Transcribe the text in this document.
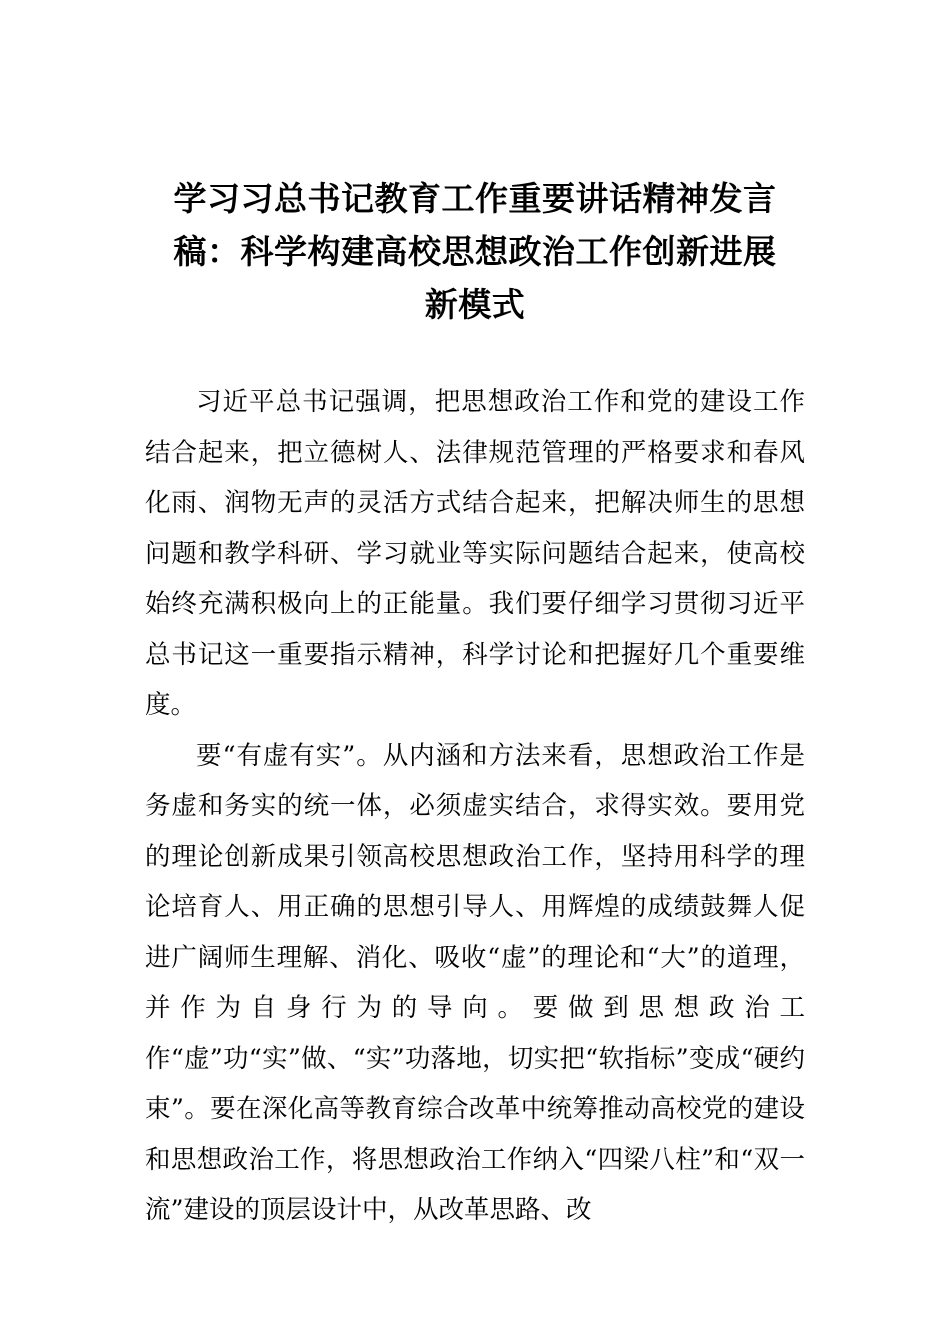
学习习总书记教育工作重要讲话精神发言
稿：科学构建高校思想政治工作创新进展
新模式

习近平总书记强调，把思想政治工作和党的建设工作结合起来，把立德树人、法律规范管理的严格要求和春风化雨、润物无声的灵活方式结合起来，把解决师生的思想问题和教学科研、学习就业等实际问题结合起来，使高校始终充满积极向上的正能量。我们要仔细学习贯彻习近平总书记这一重要指示精神，科学讨论和把握好几个重要维度。

要“有虚有实”。从内涵和方法来看，思想政治工作是务虚和务实的统一体，必须虚实结合，求得实效。要用党的理论创新成果引领高校思想政治工作，坚持用科学的理论培育人、用正确的思想引导人、用辉煌的成绩鼓舞人促进广阔师生理解、消化、吸收“虚”的理论和“大”的道理，并作为自身行为的导向。要做到思想政治工作“虚”功“实”做、“实”功落地，切实把“软指标”变成“硬约束”。要在深化高等教育综合改革中统筹推动高校党的建设和思想政治工作，将思想政治工作纳入“四梁八柱”和“双一流”建设的顶层设计中，从改革思路、改
